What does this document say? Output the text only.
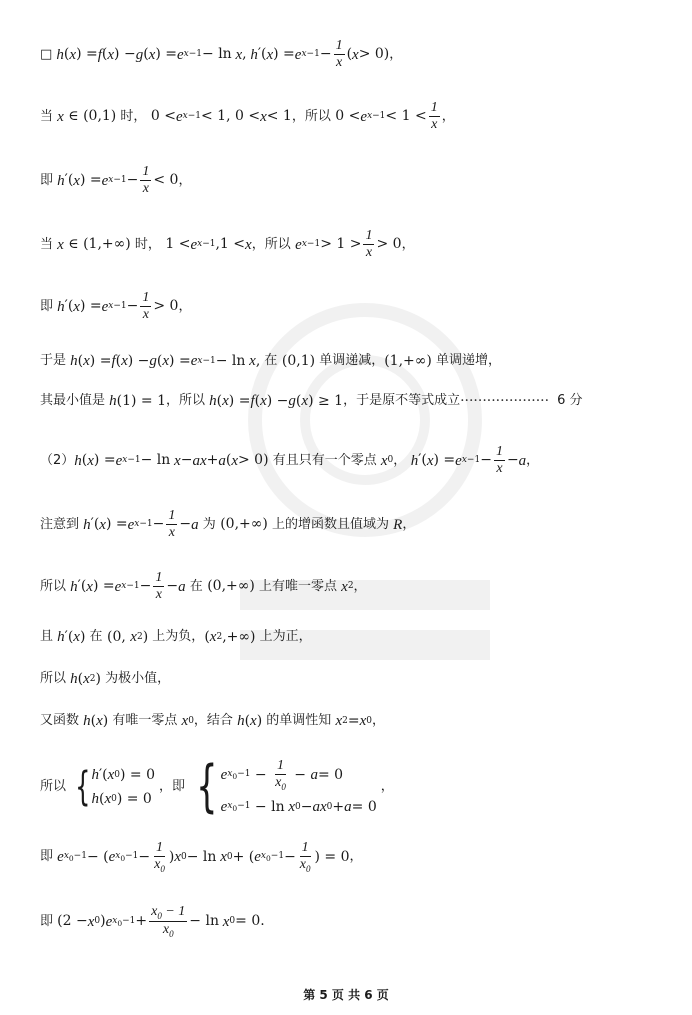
□ h ( x ) = f ( x ) − g ( x ) = e x−1 − ln x , h ′( x ) = e $x-1 - \frac{1}{x}$ ( x > 0) ，
当 x ∈ (0,1) 时， 0 < e x−1 < 1, 0 < x < 1 ，所以 0 < e $x-1 < 1 < \frac{1}{x}$ ，
即 h ′( x ) = e $x-1 - \frac{1}{x} < 0$ ，
当 x ∈ (1,+∞) 时， 1 < e x−1 ,1 < x ，所以
e $x-1 > 1 > \frac{1}{x} > 0$ ，
即 h ′( x ) = e $x-1 - \frac{1}{x} > 0$ ，
于是 h ( x ) = f ( x ) − g ( x ) = e x−1 − ln x , 在 (0,1) 单调递减， (1,+∞) 单调递增，
其最小值是 h (1) = 1 ，所以 h ( x ) = f ( x ) − g ( x ) ≥ 1 ，于是原不等式成立 ···················· 6 分
（2） h ( x ) = e x−1 − ln x − ax + a ( x > 0) 有且只有一个零点 x 0 ，
h ′( x ) = e $x-1 - \frac{1}{x} - a$ ，
注意到 h ′( x ) = e $x-1 - \frac{1}{x} - a$ 为 (0,+∞) 上的增函数且值域为 R ，
所以 h ′( x ) = e $x-1 - \frac{1}{x} - a$ 在 (0,+∞) 上有唯一零点 x 2 ，
且 h ′( x ) 在 (0, x 2 ) 上为负， ( x 2 ,+∞) 上为正，
所以 h ( x 2 ) 为极小值，
又函数 h ( x ) 有唯一零点 x 0 ，结合 h ( x ) 的单调性知 x 2 = x 0 ，
所以 { h ′( x 0 ) = 0
h ( x 0 ) = 0
，即 { e $x_0-1 - \frac{1}{x_0} - a = 0$
e $x_0-1 - \ln x$ 0 − ax 0 + a = 0
，
即 e $x_0-1$ − ( e $x_0-1 - \frac{1}{x_0}$ ) x 0 − ln x 0 + ( e $x_0-1 - \frac{1}{x_0}$ ) = 0 ，
即 (2 − x 0 ) e $x_0-1 + \frac{x_0 - 1}{x_0} - \ln x$ 0 = 0.
第 5 页 共 6 页
